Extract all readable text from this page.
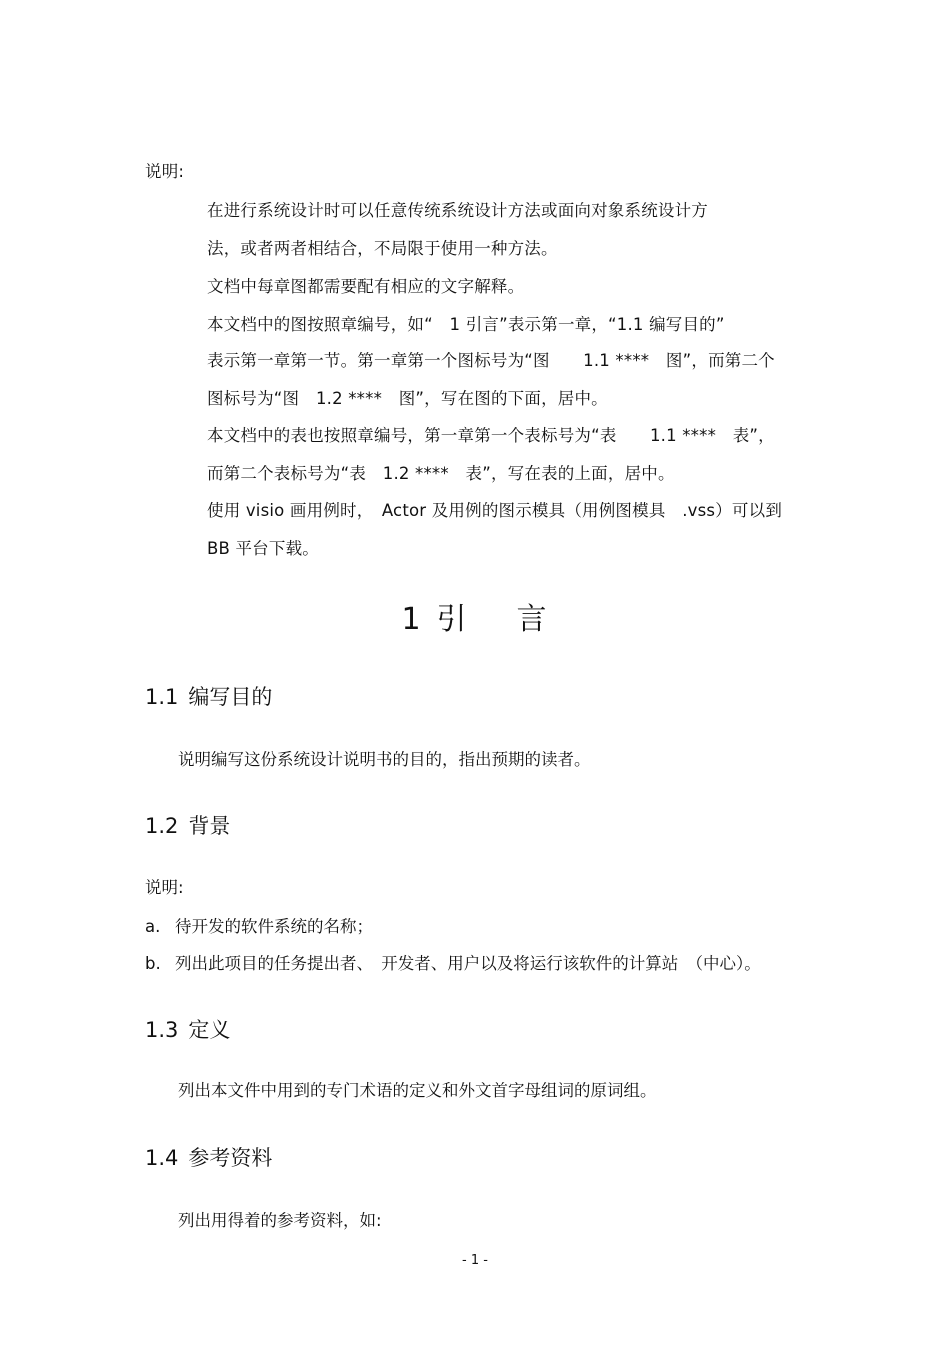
说明:
在进行系统设计时可以任意传统系统设计方法或面向对象系统设计方
法，或者两者相结合，不局限于使用一种方法。
文档中每章图都需要配有相应的文字解释。
本文档中的图按照章编号，如“　1 引言”表示第一章，“1.1 编写目的”
表示第一章第一节。第一章第一个图标号为“图　　1.1 ****　图”，而第二个
图标号为“图　1.2 ****　图”，写在图的下面，居中。
本文档中的表也按照章编号，第一章第一个表标号为“表　　1.1 ****　表”，
而第二个表标号为“表　1.2 ****　表”，写在表的上面，居中。
使用 visio 画用例时，　Actor 及用例的图示模具（用例图模具　.vss）可以到
BB 平台下载。
1 引 言
1.1 编写目的
说明编写这份系统设计说明书的目的，指出预期的读者。
1.2 背景
说明:
a. 待开发的软件系统的名称；
b. 列出此项目的任务提出者、　开发者、用户以及将运行该软件的计算站　（中心）。
1.3 定义
列出本文件中用到的专门术语的定义和外文首字母组词的原词组。
1.4 参考资料
列出用得着的参考资料，如:
- 1 -
